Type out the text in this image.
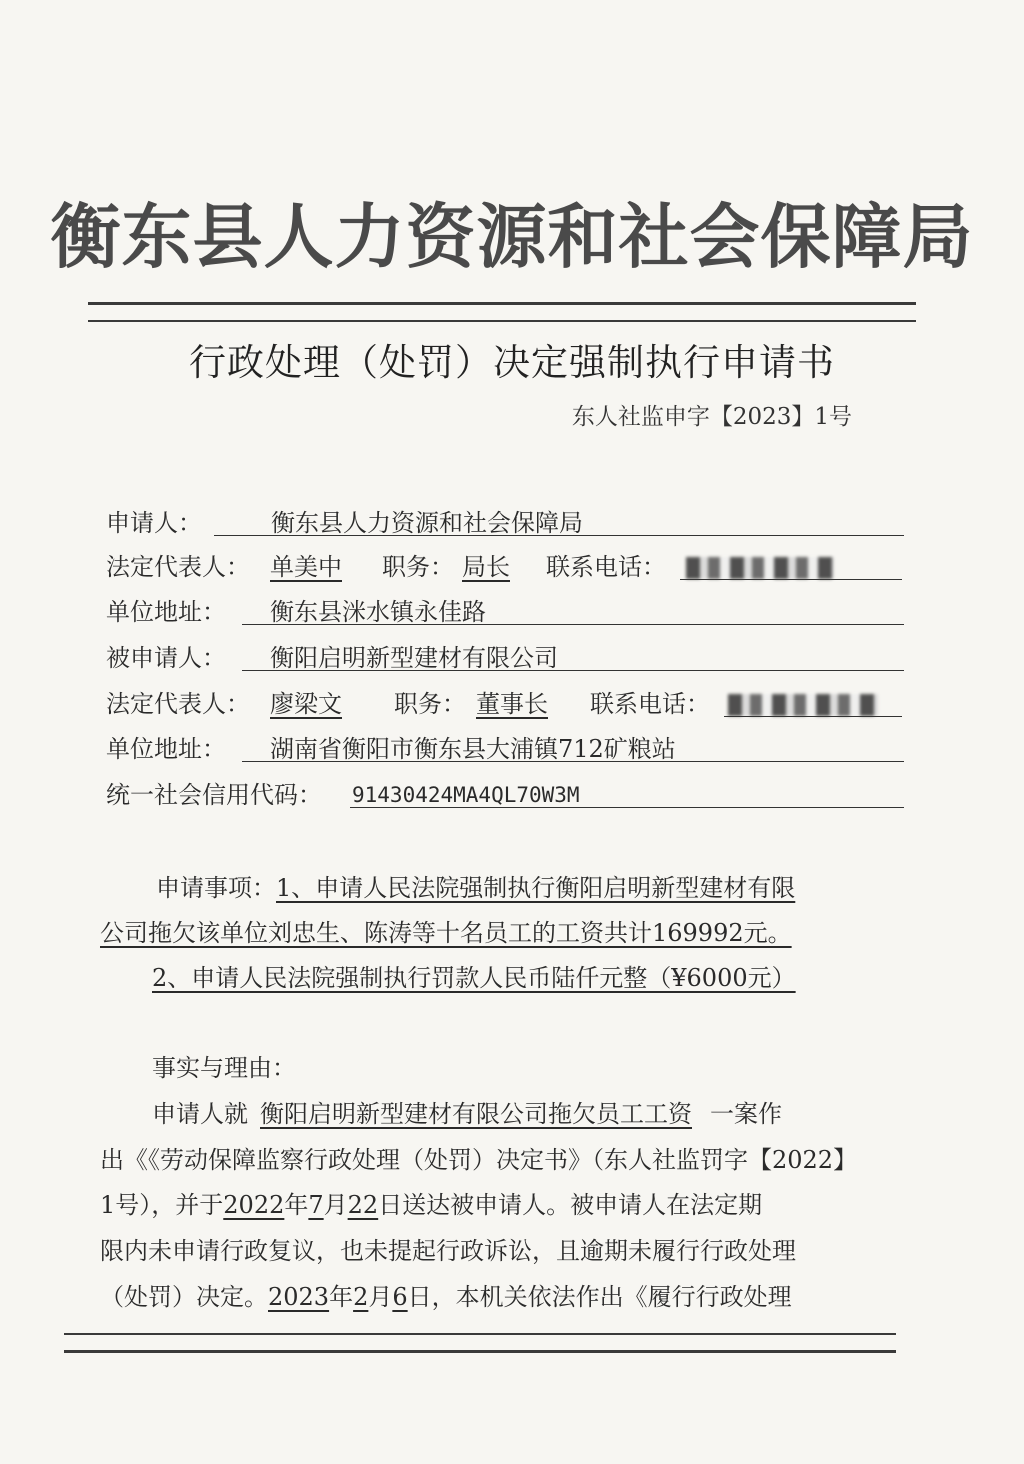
衡东县人力资源和社会保障局
行政处理（处罚）决定强制执行申请书
东人社监申字【2023】1号
申请人：	衡东县人力资源和社会保障局
法定代表人： 单美中 职务： 局长 联系电话：
单位地址： 衡东县洣水镇永佳路
被申请人： 衡阳启明新型建材有限公司
法定代表人： 廖梁文 职务： 董事长 联系电话：
单位地址： 湖南省衡阳市衡东县大浦镇712矿粮站
统一社会信用代码： 91430424MA4QL70W3M
申请事项：1、申请人民法院强制执行衡阳启明新型建材有限
公司拖欠该单位刘忠生、陈涛等十名员工的工资共计169992元。
2、申请人民法院强制执行罚款人民币陆仟元整（¥6000元）
事实与理由：
申请人就 衡阳启明新型建材有限公司拖欠员工工资 一案作
出《《劳动保障监察行政处理（处罚）决定书》（东人社监罚字【2022】
1号），并于2022年7月22日送达被申请人。被申请人在法定期
限内未申请行政复议，也未提起行政诉讼，且逾期未履行行政处理
（处罚）决定。2023年2月6日，本机关依法作出《履行行政处理
